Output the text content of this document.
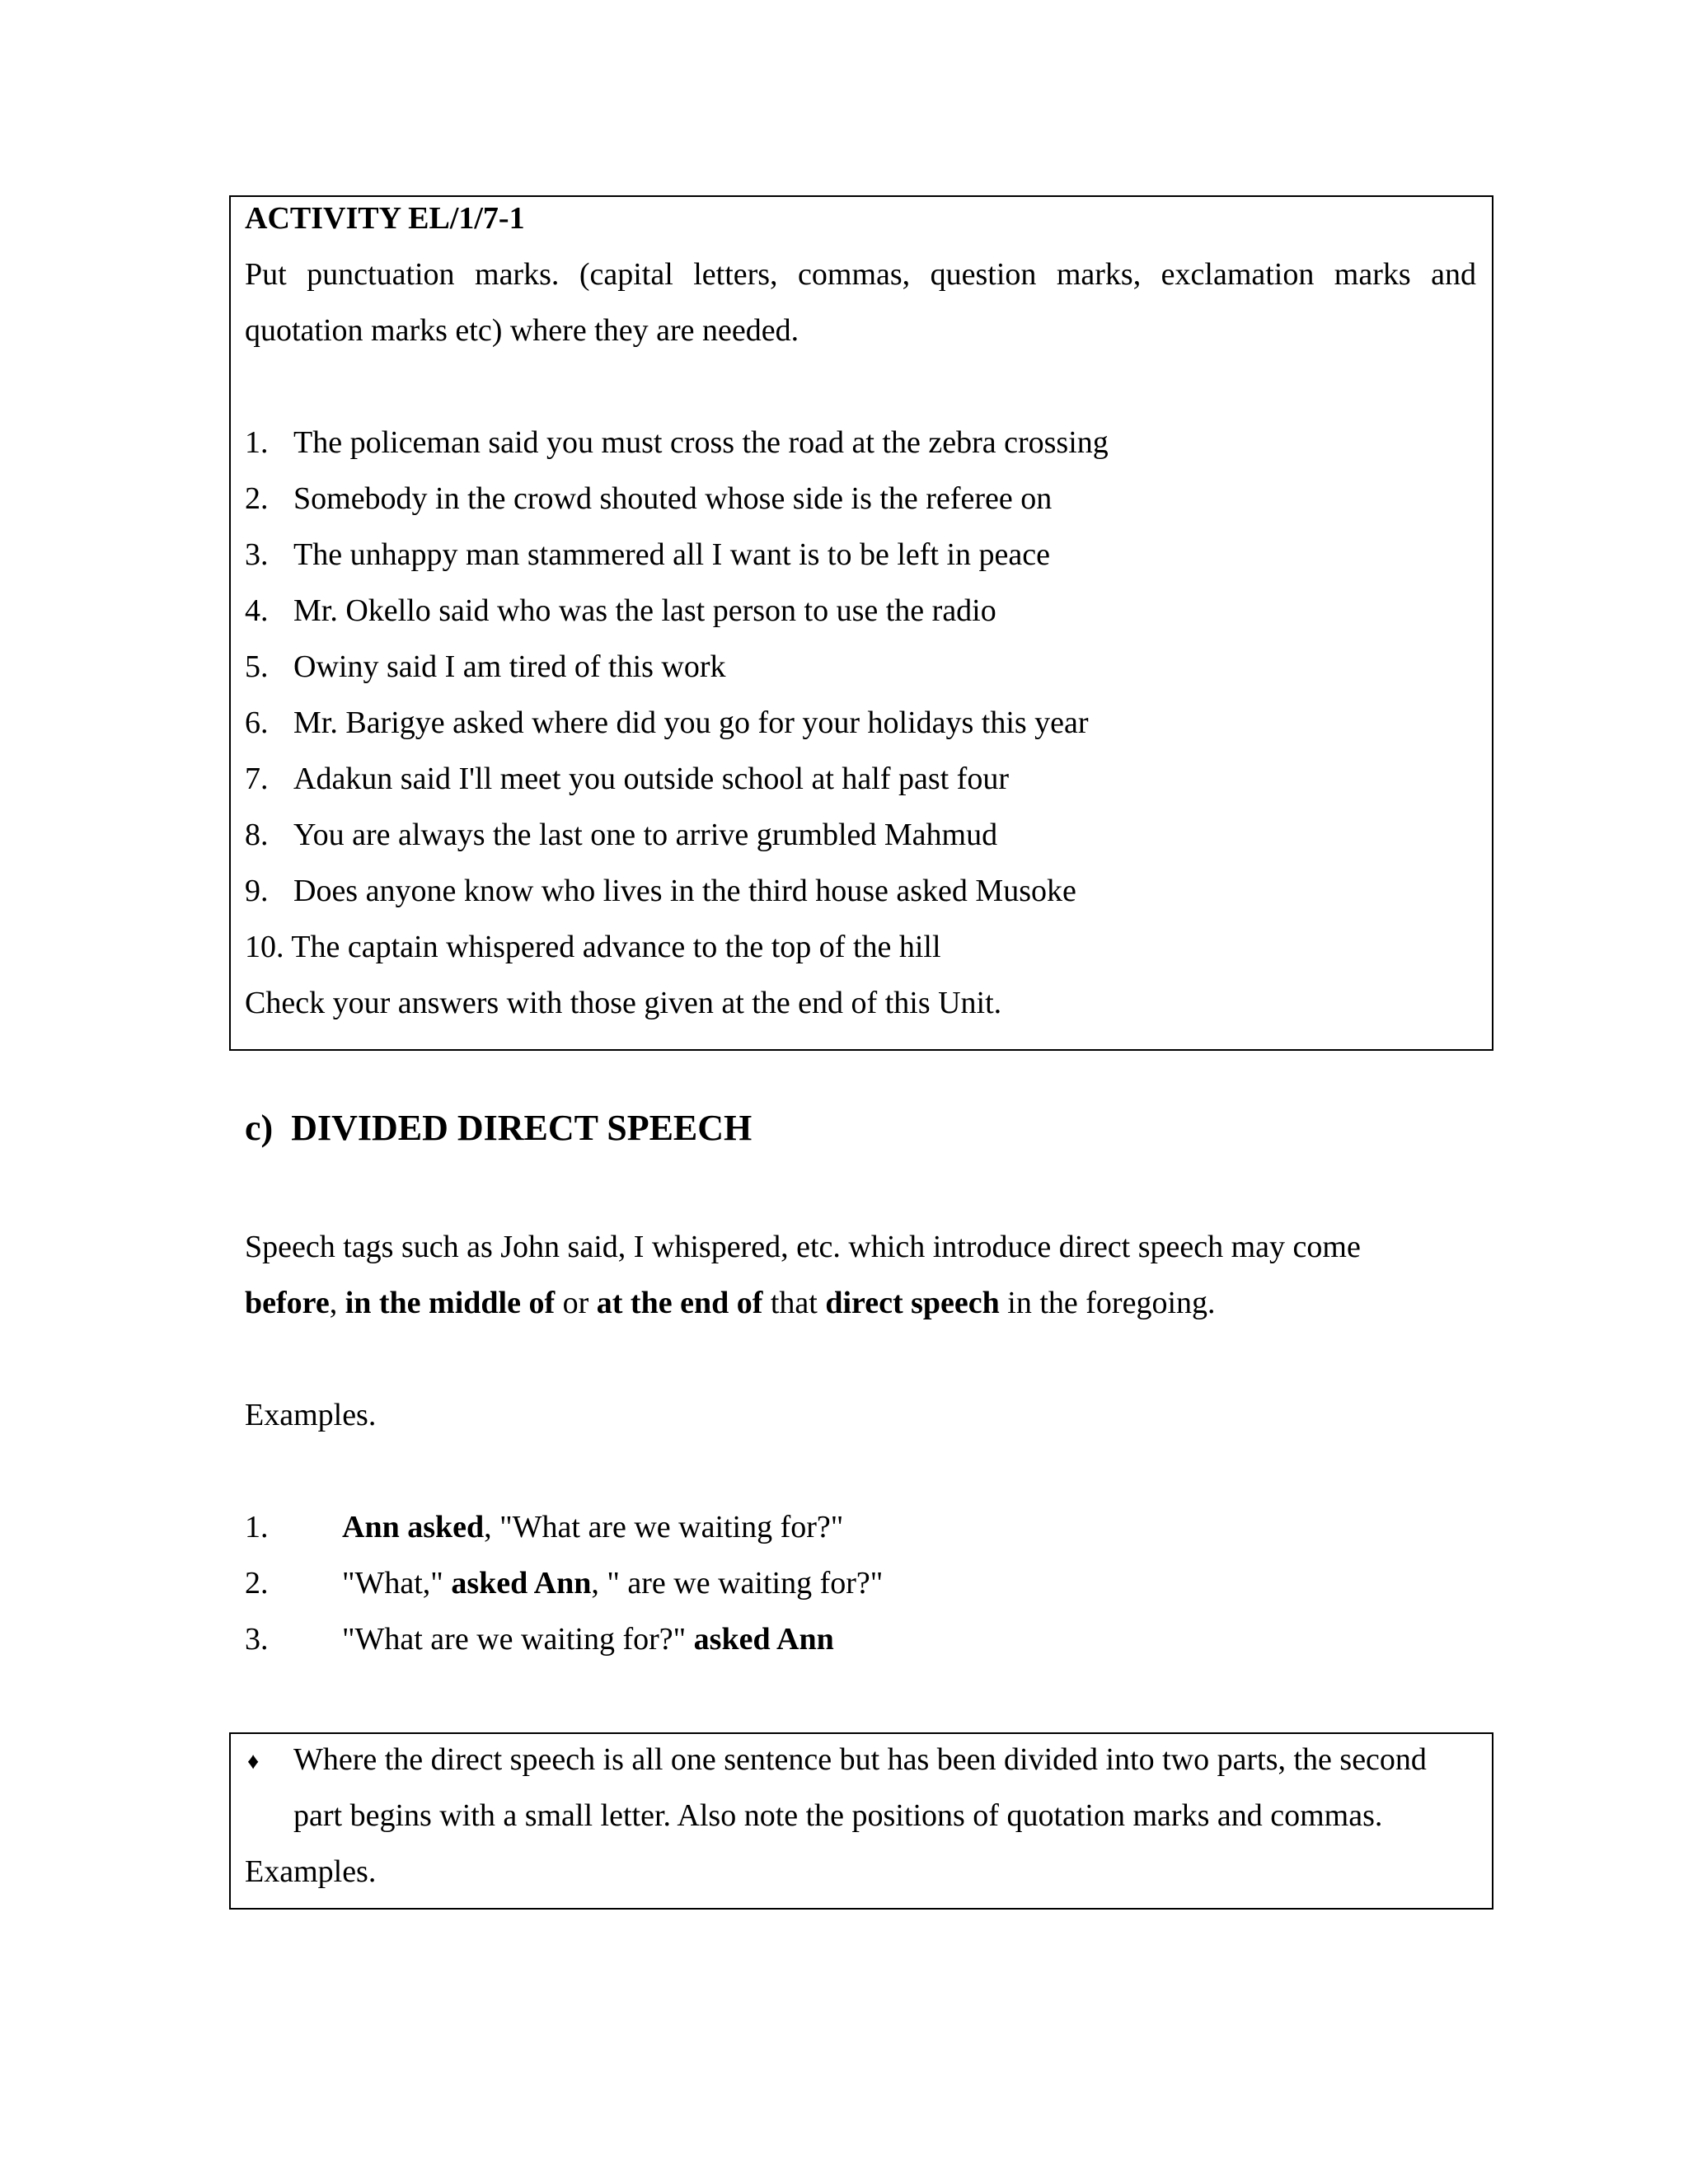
ACTIVITY EL/1/7-1
Put punctuation marks. (capital letters, commas, question marks, exclamation marks and
quotation marks etc) where they are needed.
1. The policeman said you must cross the road at the zebra crossing
2. Somebody in the crowd shouted whose side is the referee on
3. The unhappy man stammered all I want is to be left in peace
4. Mr. Okello said who was the last person to use the radio
5. Owiny said I am tired of this work
6. Mr. Barigye asked where did you go for your holidays this year
7. Adakun said I'll meet you outside school at half past four
8. You are always the last one to arrive grumbled Mahmud
9. Does anyone know who lives in the third house asked Musoke
10. The captain whispered advance to the top of the hill
Check your answers with those given at the end of this Unit.
c) DIVIDED DIRECT SPEECH
Speech tags such as John said, I whispered, etc. which introduce direct speech may come
before, in the middle of or at the end of that direct speech in the foregoing.
Examples.
1. Ann asked, "What are we waiting for?"
2. "What," asked Ann, " are we waiting for?"
3. "What are we waiting for?" asked Ann
♦ Where the direct speech is all one sentence but has been divided into two parts, the second
part begins with a small letter. Also note the positions of quotation marks and commas.
Examples.
